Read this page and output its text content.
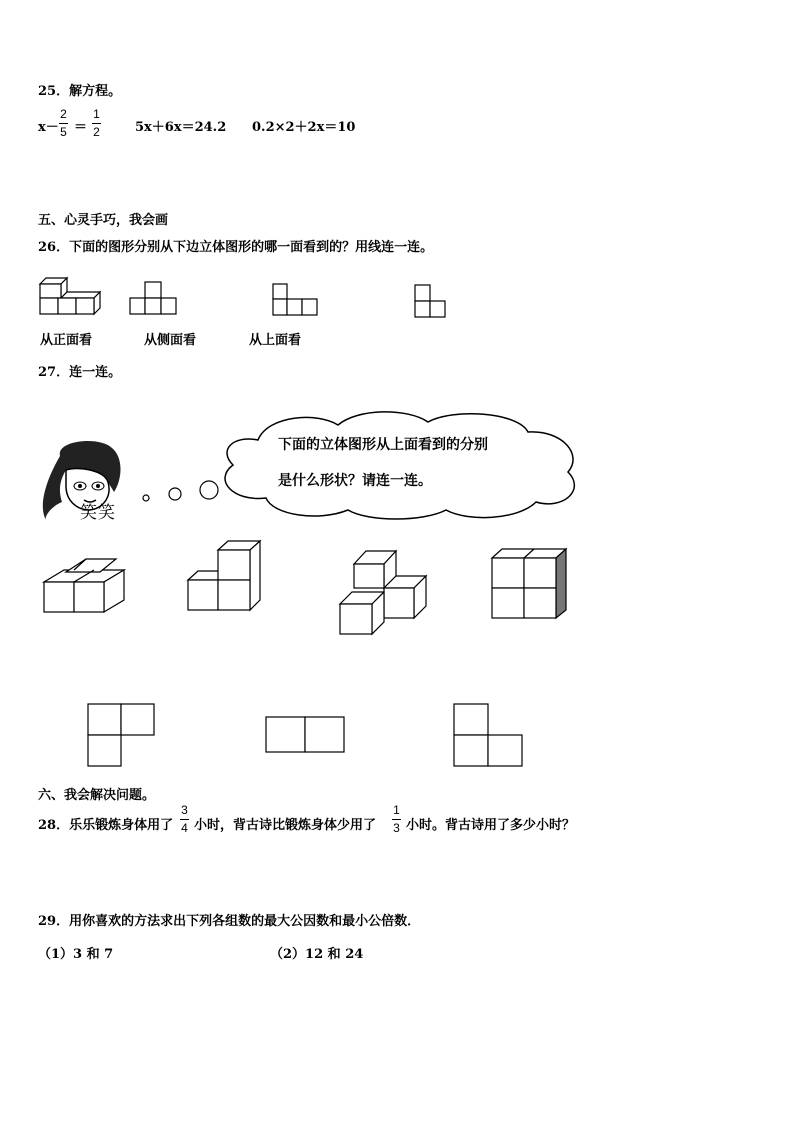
25．解方程。
x－
2
5 ＝
1
2	5x＋6x＝24.2 0.2×2＋2x＝10
五、心灵手巧，我会画
26．下面的图形分别从下边立体图形的哪一面看到的？用线连一连。
从正面看	从侧面看	从上面看
27．连一连。
笑笑
下面的立体图形从上面看到的分别
是什么形状？请连一连。
六、我会解决问题。
28．乐乐锻炼身体用了
3
4 小时，背古诗比锻炼身体少用了
1
3 小时。背古诗用了多少小时？
29．用你喜欢的方法求出下列各组数的最大公因数和最小公倍数．
（1）3 和 7	（2）12 和 24
